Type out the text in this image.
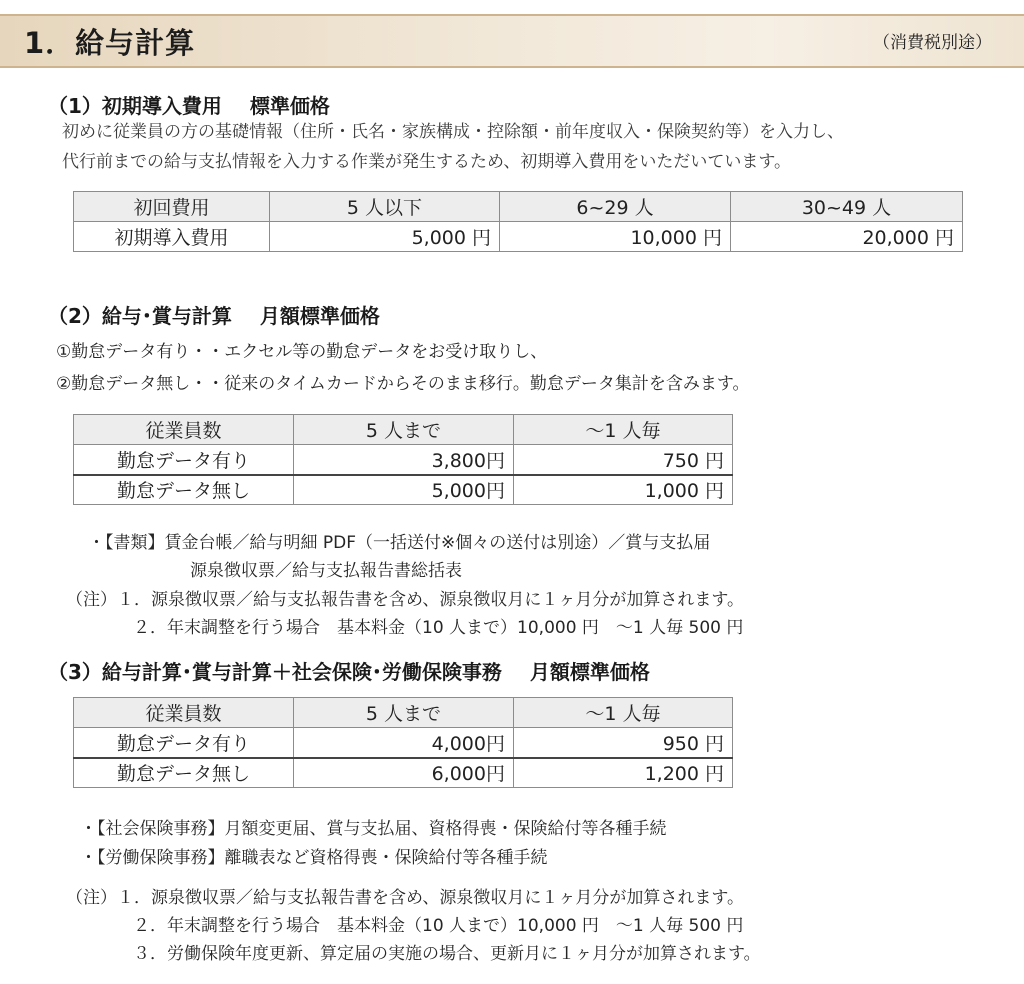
1．給与計算	（消費税別途）
（1）初期導入費用 標準価格
初めに従業員の方の基礎情報（住所・氏名・家族構成・控除額・前年度収入・保険契約等）を入力し、
代行前までの給与支払情報を入力する作業が発生するため、初期導入費用をいただいています。
初回費用	5 人以下	6~29 人	30~49 人
初期導入費用	5,000 円	10,000 円	20,000 円
（2）給与･賞与計算 月額標準価格
①勤怠データ有り・・エクセル等の勤怠データをお受け取りし、
②勤怠データ無し・・従来のタイムカードからそのまま移行。勤怠データ集計を含みます。
従業員数	5 人まで	～1 人毎
勤怠データ有り	3,800円	750 円
勤怠データ無し	5,000円	1,000 円
・【書類】賃金台帳／給与明細 PDF（一括送付※個々の送付は別途）／賞与支払届
源泉徴収票／給与支払報告書総括表
（注）１．源泉徴収票／給与支払報告書を含め、源泉徴収月に１ヶ月分が加算されます。
２．年末調整を行う場合　基本料金（10 人まで）10,000 円　～1 人毎 500 円
（3）給与計算･賞与計算＋社会保険･労働保険事務 月額標準価格
従業員数	5 人まで	～1 人毎
勤怠データ有り	4,000円	950 円
勤怠データ無し	6,000円	1,200 円
・【社会保険事務】月額変更届、賞与支払届、資格得喪・保険給付等各種手続
・【労働保険事務】離職表など資格得喪・保険給付等各種手続
（注）１．源泉徴収票／給与支払報告書を含め、源泉徴収月に１ヶ月分が加算されます。
２．年末調整を行う場合　基本料金（10 人まで）10,000 円　～1 人毎 500 円
３．労働保険年度更新、算定届の実施の場合、更新月に１ヶ月分が加算されます。
